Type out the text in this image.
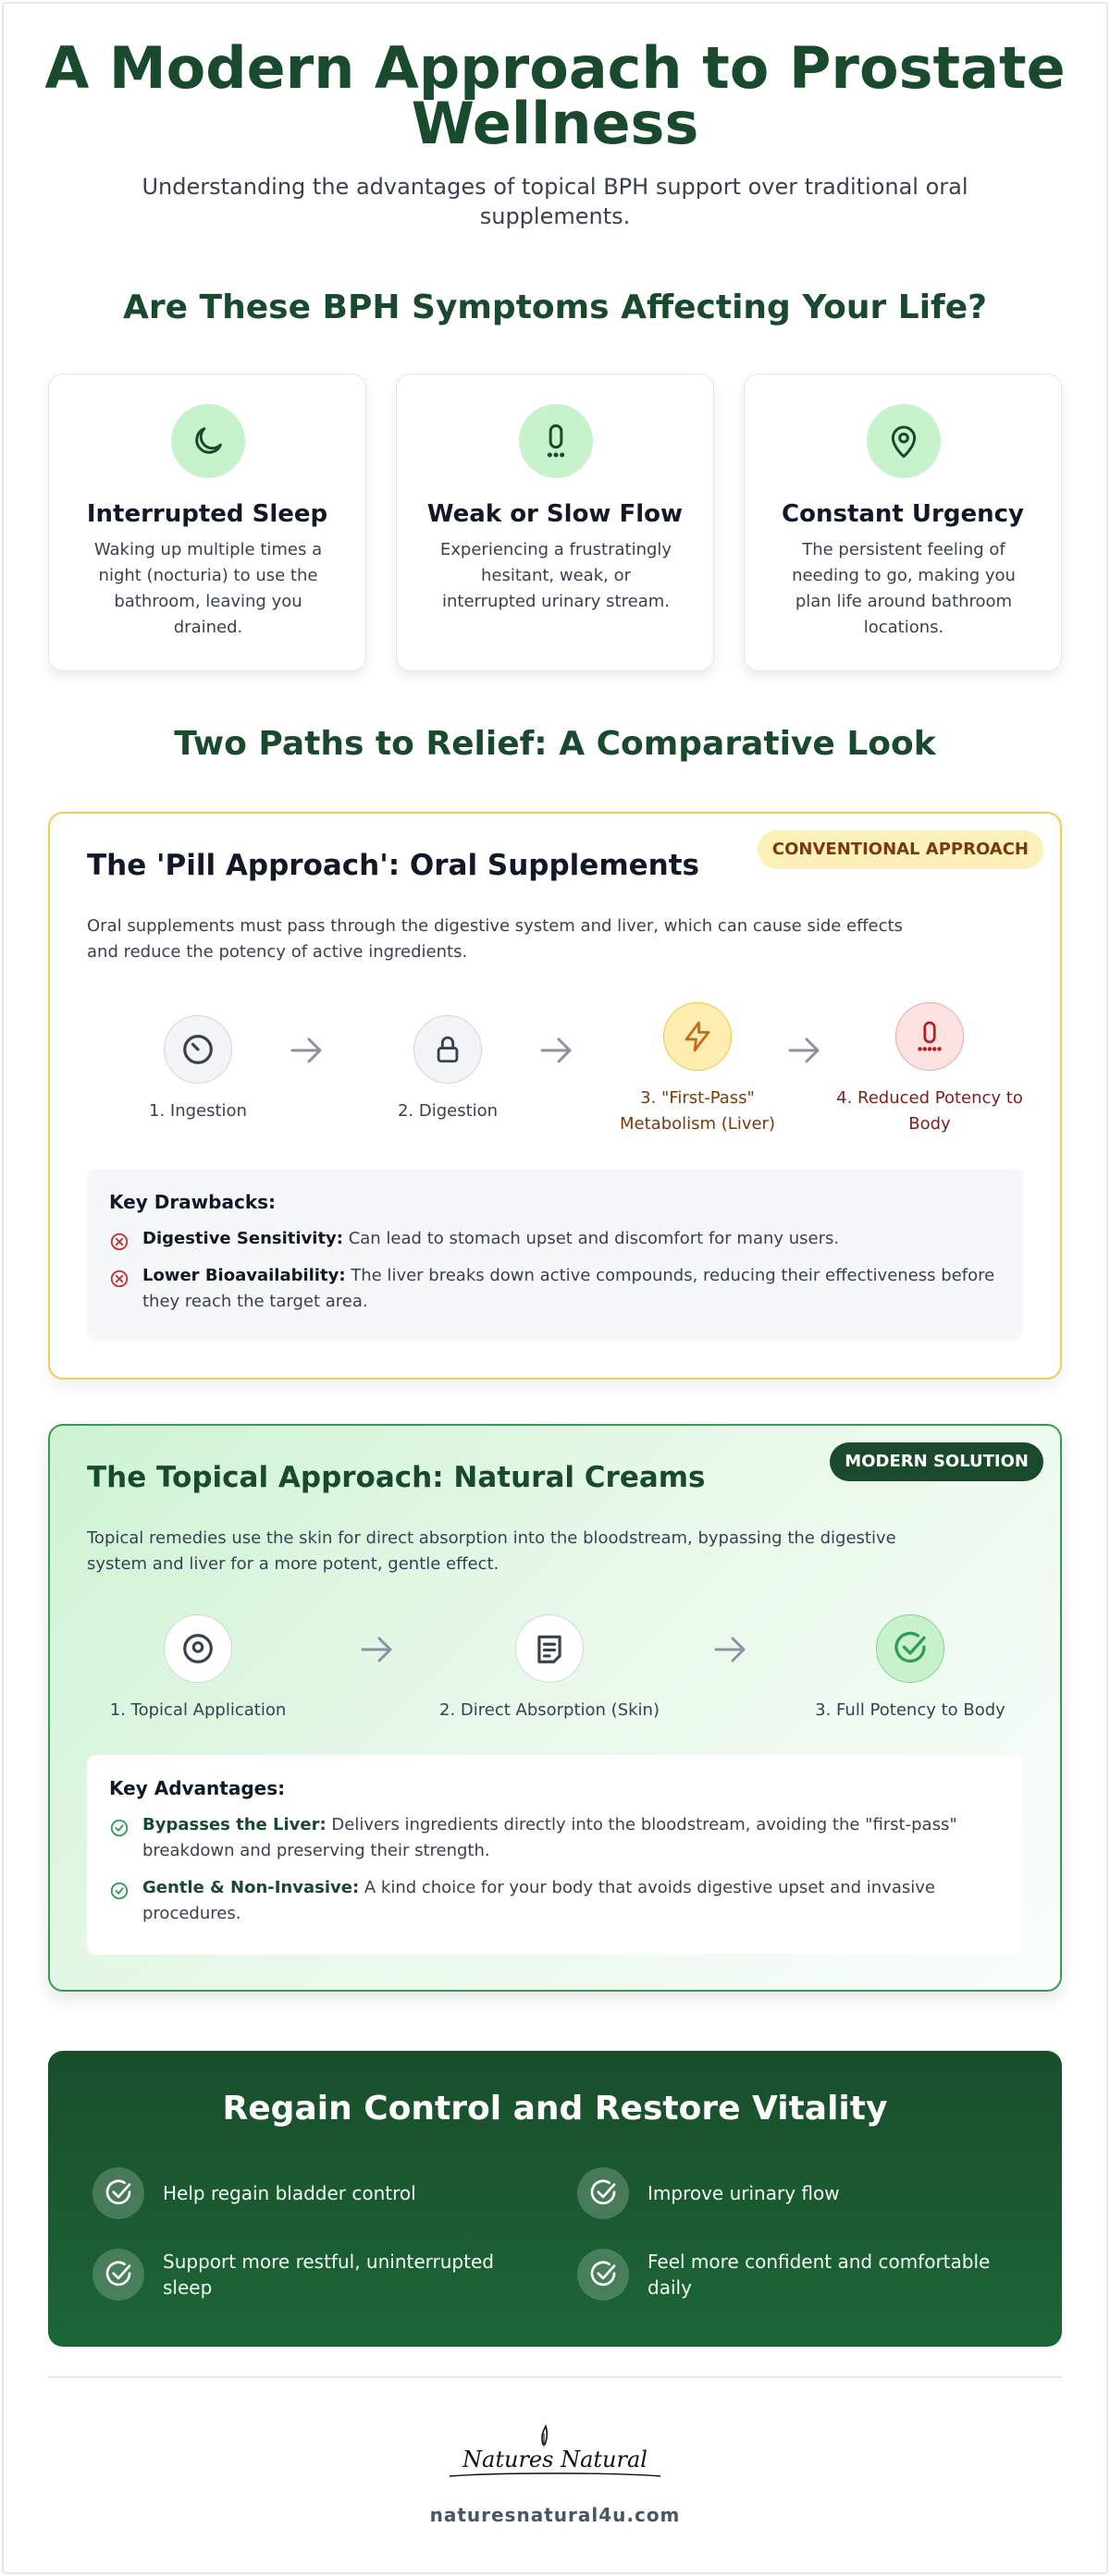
A Modern Approach to Prostate Wellness

Understanding the advantages of topical BPH support over traditional oral supplements.

Are These BPH Symptoms Affecting Your Life?
Interrupted Sleep
Waking up multiple times a night (nocturia) to use the bathroom, leaving you drained.
Weak or Slow Flow
Experiencing a frustratingly hesitant, weak, or interrupted urinary stream.
Constant Urgency
The persistent feeling of needing to go, making you plan life around bathroom locations.
Two Paths to Relief: A Comparative Look
CONVENTIONAL APPROACH
The 'Pill Approach': Oral Supplements
Oral supplements must pass through the digestive system and liver, which can cause side effects and reduce the potency of active ingredients.
1. Ingestion	2. Digestion
3. "First-Pass" Metabolism (Liver)
4. Reduced Potency to Body
Key Drawbacks:
Digestive Sensitivity: Can lead to stomach upset and discomfort for many users.
Lower Bioavailability: The liver breaks down active compounds, reducing their effectiveness before they reach the target area.
MODERN SOLUTION
The Topical Approach: Natural Creams
Topical remedies use the skin for direct absorption into the bloodstream, bypassing the digestive system and liver for a more potent, gentle effect.
1. Topical Application	2. Direct Absorption (Skin)	3. Full Potency to Body
Key Advantages:
Bypasses the Liver: Delivers ingredients directly into the bloodstream, avoiding the "first-pass" breakdown and preserving their strength.
Gentle & Non-Invasive: A kind choice for your body that avoids digestive upset and invasive procedures.
Regain Control and Restore Vitality
Help regain bladder control	Improve urinary flow
Support more restful, uninterrupted sleep
Feel more confident and comfortable daily
Natures Natural
naturesnatural4u.com
